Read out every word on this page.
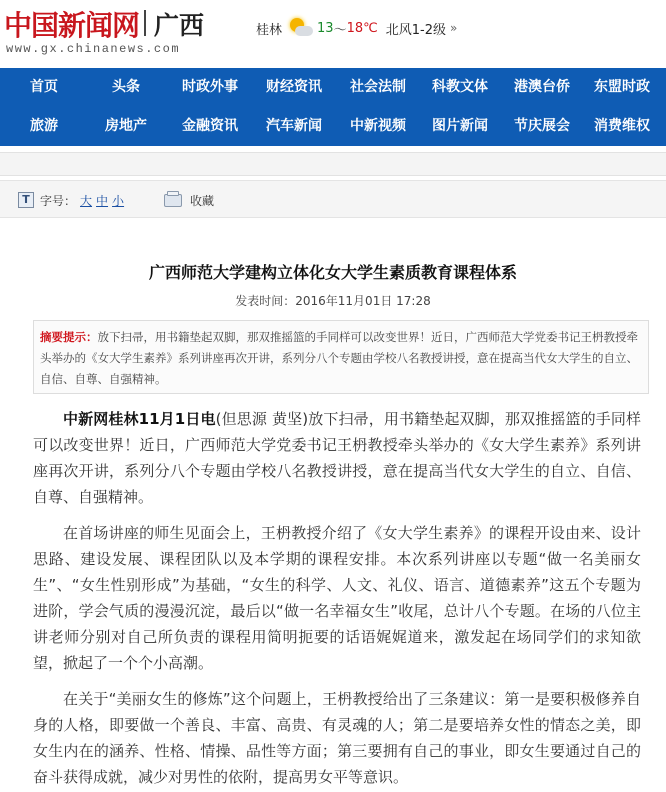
中国新闻网 广西
www.gx.chinanews.com
桂林	13 ～ 18℃ 北风1-2级 »
首页	头条	时政外事	财经资讯	社会法制	科教文体	港澳台侨	东盟时政
旅游	房地产	金融资讯	汽车新闻	中新视频	图片新闻	节庆展会	消费维权
T 字号： 大 中 小	收藏
广西师范大学建构立体化女大学生素质教育课程体系
发表时间：2016年11月01日 17:28
摘要提示：放下扫帚，用书籍垫起双脚，那双推摇篮的手同样可以改变世界！近日，广西师范大学党委书记王枬教授牵头举办的《女大学生素养》系列讲座再次开讲，系列分八个专题由学校八名教授讲授，意在提高当代女大学生的自立、自信、自尊、自强精神。

中新网桂林11月1日电(但思源 黄坚)放下扫帚，用书籍垫起双脚，那双推摇篮的手同样可以改变世界！近日，广西师范大学党委书记王枬教授牵头举办的《女大学生素养》系列讲座再次开讲，系列分八个专题由学校八名教授讲授，意在提高当代女大学生的自立、自信、自尊、自强精神。

在首场讲座的师生见面会上，王枬教授介绍了《女大学生素养》的课程开设由来、设计思路、建设发展、课程团队以及本学期的课程安排。本次系列讲座以专题“做一名美丽女生”、“女生性别形成”为基础，“女生的科学、人文、礼仪、语言、道德素养”这五个专题为进阶，学会气质的漫漫沉淀，最后以“做一名幸福女生”收尾，总计八个专题。在场的八位主讲老师分别对自己所负责的课程用简明扼要的话语娓娓道来，激发起在场同学们的求知欲望，掀起了一个个小高潮。

在关于“美丽女生的修炼”这个问题上，王枬教授给出了三条建议：第一是要积极修养自身的人格，即要做一个善良、丰富、高贵、有灵魂的人；第二是要培养女性的情态之美，即女生内在的涵养、性格、情操、品性等方面；第三要拥有自己的事业，即女生要通过自己的奋斗获得成就，减少对男性的依附，提高男女平等意识。
